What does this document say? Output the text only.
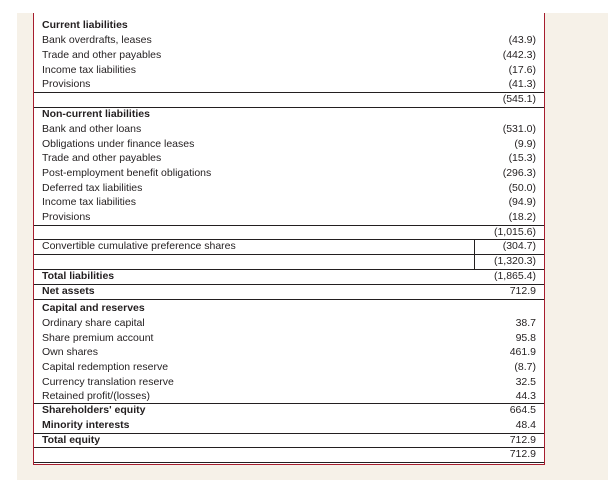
Current liabilities
Bank overdrafts, leases	(43.9)
Trade and other payables	(442.3)
Income tax liabilities	(17.6)
Provisions	(41.3)
(545.1)
Non-current liabilities
Bank and other loans	(531.0)
Obligations under finance leases	(9.9)
Trade and other payables	(15.3)
Post-employment benefit obligations	(296.3)
Deferred tax liabilities	(50.0)
Income tax liabilities	(94.9)
Provisions	(18.2)
(1,015.6)
Convertible cumulative preference shares	(304.7)
(1,320.3)
Total liabilities	(1,865.4)
Net assets	712.9
Capital and reserves
Ordinary share capital	38.7
Share premium account	95.8
Own shares	461.9
Capital redemption reserve	(8.7)
Currency translation reserve	32.5
Retained profit/(losses)	44.3
Shareholders' equity	664.5
Minority interests	48.4
Total equity	712.9
712.9
